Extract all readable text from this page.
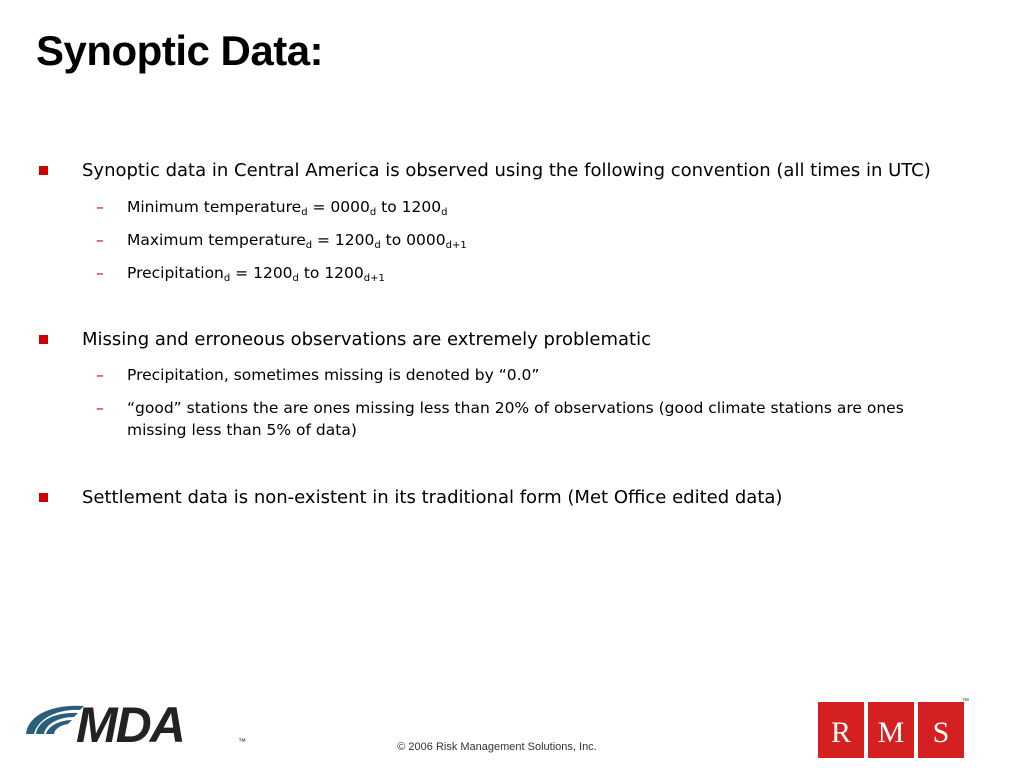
Synoptic Data:
Synoptic data in Central America is observed using the following convention (all times in UTC)
– Minimum temperature$_d$ = $0000_d$ to $1200_d$
– Maximum temperature$_d$ = $1200_d$ to $0000_{d+1}$
– Precipitation$_d$ = $1200_d$ to $1200_{d+1}$
Missing and erroneous observations are extremely problematic
– Precipitation, sometimes missing is denoted by “0.0”
– “good” stations the are ones missing less than 20% of observations (good climate stations are ones missing less than 5% of data)
Settlement data is non-existent in its traditional form (Met Office edited data)
MDA	™	© 2006 Risk Management Solutions, Inc.	R M S
™
